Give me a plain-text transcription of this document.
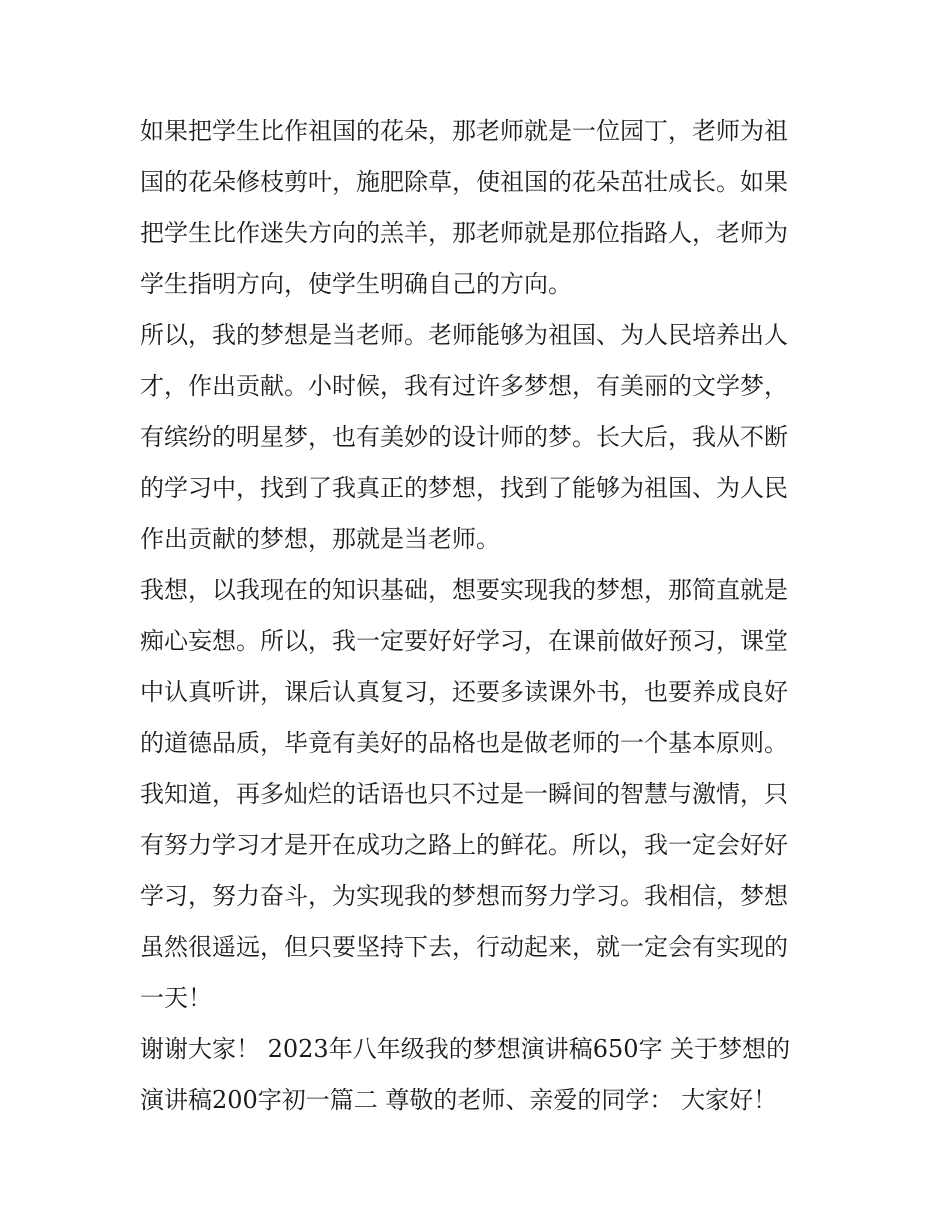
如果把学生比作祖国的花朵，那老师就是一位园丁，老师为祖
国的花朵修枝剪叶，施肥除草，使祖国的花朵茁壮成长。如果
把学生比作迷失方向的羔羊，那老师就是那位指路人，老师为
学生指明方向，使学生明确自己的方向。
所以，我的梦想是当老师。老师能够为祖国、为人民培养出人
才，作出贡献。小时候，我有过许多梦想，有美丽的文学梦，
有缤纷的明星梦，也有美妙的设计师的梦。长大后，我从不断
的学习中，找到了我真正的梦想，找到了能够为祖国、为人民
作出贡献的梦想，那就是当老师。
我想，以我现在的知识基础，想要实现我的梦想，那简直就是
痴心妄想。所以，我一定要好好学习，在课前做好预习，课堂
中认真听讲，课后认真复习，还要多读课外书，也要养成良好
的道德品质，毕竟有美好的品格也是做老师的一个基本原则。
我知道，再多灿烂的话语也只不过是一瞬间的智慧与激情，只
有努力学习才是开在成功之路上的鲜花。所以，我一定会好好
学习，努力奋斗，为实现我的梦想而努力学习。我相信，梦想
虽然很遥远，但只要坚持下去，行动起来，就一定会有实现的
一天！
谢谢大家！ 2023年八年级我的梦想演讲稿650字 关于梦想的
演讲稿200字初一篇二 尊敬的老师、亲爱的同学： 大家好！
